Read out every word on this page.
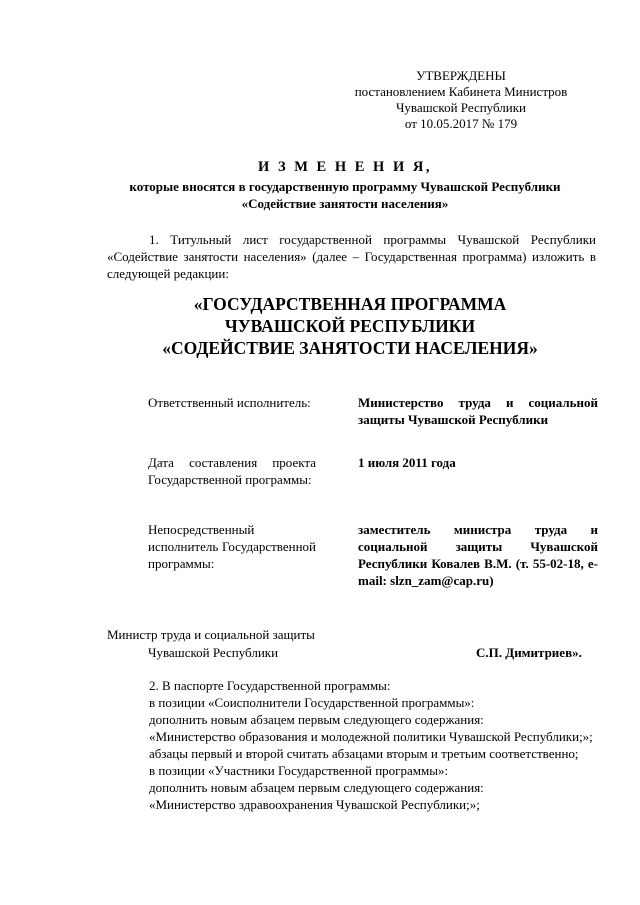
УТВЕРЖДЕНЫ
постановлением Кабинета Министров
Чувашской Республики
от 10.05.2017 № 179
И З М Е Н Е Н И Я,
которые вносятся в государственную программу Чувашской Республики
«Содействие занятости населения»
1. Титульный лист государственной программы Чувашской Республики «Содействие занятости населения» (далее – Государственная программа) изложить в следующей редакции:
«ГОСУДАРСТВЕННАЯ ПРОГРАММА
ЧУВАШСКОЙ РЕСПУБЛИКИ
«СОДЕЙСТВИЕ ЗАНЯТОСТИ НАСЕЛЕНИЯ»
Ответственный исполнитель:	Министерство труда и социальной защиты Чувашской Республики
Дата составления проекта Государственной программы:
1 июля 2011 года
Непосредственный исполнитель Государственной программы:
заместитель министра труда и социальной защиты Чувашской Республики Ковалев В.М. (т. 55-02-18, e-mail: slzn_zam@cap.ru)
Министр труда и социальной защиты
Чувашской Республики	С.П. Димитриев».

2. В паспорте Государственной программы:

в позиции «Соисполнители Государственной программы»:

дополнить новым абзацем первым следующего содержания:

«Министерство образования и молодежной политики Чувашской Республики;»;

абзацы первый и второй считать абзацами вторым и третьим соответственно;

в позиции «Участники Государственной программы»:

дополнить новым абзацем первым следующего содержания:

«Министерство здравоохранения Чувашской Республики;»;
